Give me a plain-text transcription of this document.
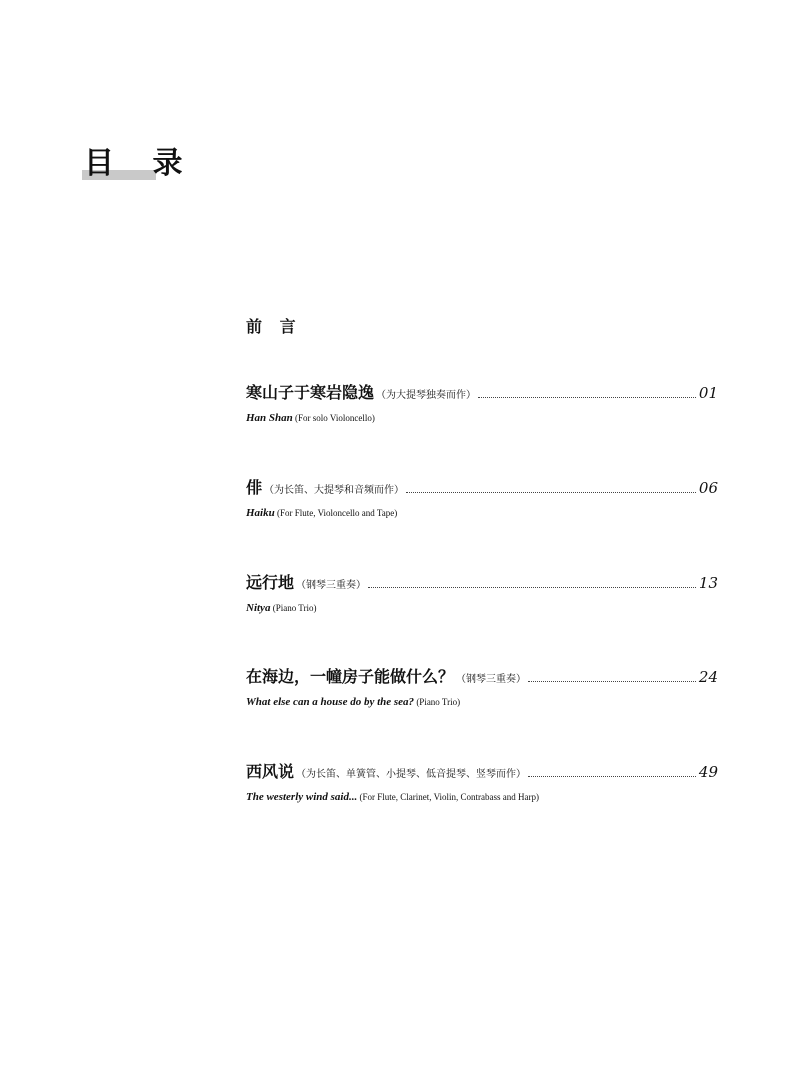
目 录
前 言
寒山子于寒岩隐逸 （为大提琴独奏而作）	01
Han Shan (For solo Violoncello)
俳 （为长笛、大提琴和音频而作）	06
Haiku (For Flute, Violoncello and Tape)
远行地 （钢琴三重奏）	13
Nitya (Piano Trio)
在海边，一幢房子能做什么？ （钢琴三重奏）	24
What else can a house do by the sea? (Piano Trio)
西风说 （为长笛、单簧管、小提琴、低音提琴、竖琴而作）	49
The westerly wind said... (For Flute, Clarinet, Violin, Contrabass and Harp)
